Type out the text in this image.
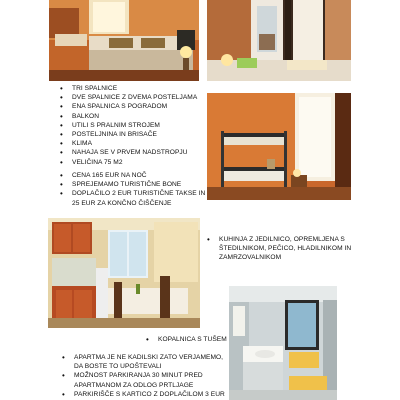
• TRI SPALNICE
• DVE SPALNICE Z DVEMA POSTELJAMA
• ENA SPALNICA S POGRADOM
• BALKON
• UTILI S PRALNIM STROJEM
• POSTELJNINA IN BRISAČE
• KLIMA
• NAHAJA SE V PRVEM NADSTROPJU
• VELIČINA 75 M2
• CENA 165 EUR NA NOČ
• SPREJEMAMO TURISTIČNE BONE
• DOPLAČILO 2 EUR TURISTIČNE TAKSE IN 25 EUR ZA KONČNO ČIŠČENJE
• KUHINJA Z JEDILNICO, OPREMLJENA S ŠTEDILNIKOM, PEČICO, HLADILNIKOM IN ZAMRZOVALNIKOM
• KOPALNICA S TUŠEM
• APARTMA JE NE KADILSKI ZATO VERJAMEMO, DA BOSTE TO UPOŠTEVALI
• MOŽNOST PARKIRANJA 30 MINUT PRED APARTMANOM ZA ODLOG PRTLJAGE
• PARKIRIŠČE S KARTICO Z DOPLAČILOM 3 EUR
